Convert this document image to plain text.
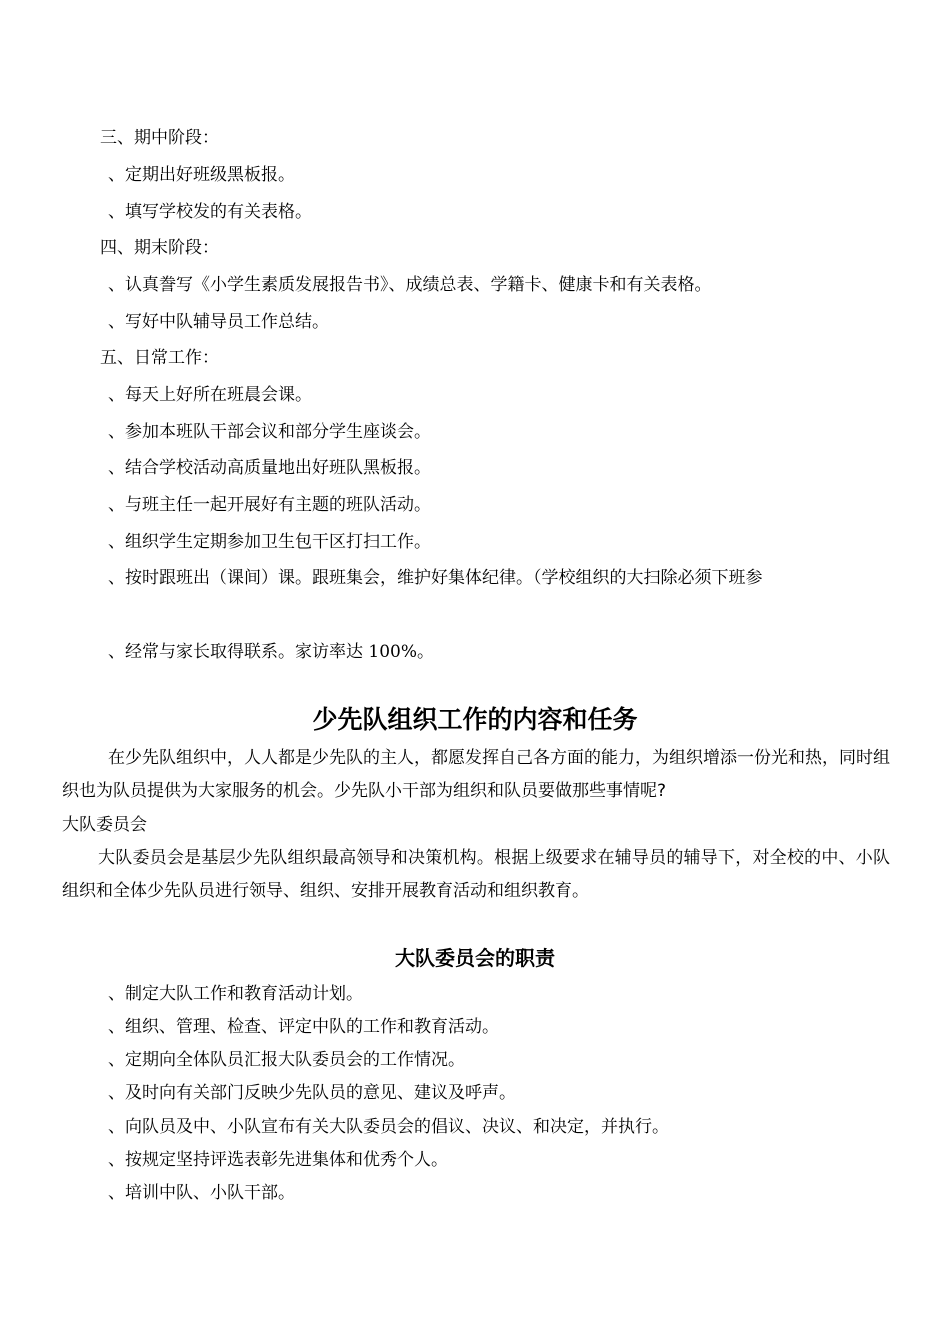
三、期中阶段：
、定期出好班级黑板报。
、填写学校发的有关表格。
四、期末阶段：
、认真誊写《小学生素质发展报告书》、成绩总表、学籍卡、健康卡和有关表格。
、写好中队辅导员工作总结。
五、日常工作：
、每天上好所在班晨会课。
、参加本班队干部会议和部分学生座谈会。
、结合学校活动高质量地出好班队黑板报。
、与班主任一起开展好有主题的班队活动。
、组织学生定期参加卫生包干区打扫工作。
、按时跟班出（课间）课。跟班集会，维护好集体纪律。（学校组织的大扫除必须下班参
、经常与家长取得联系。家访率达 100%。
少先队组织工作的内容和任务
在少先队组织中，人人都是少先队的主人，都愿发挥自己各方面的能力，为组织增添一份光和热，同时组织也为队员提供为大家服务的机会。少先队小干部为组织和队员要做那些事情呢?
大队委员会
大队委员会是基层少先队组织最高领导和决策机构。根据上级要求在辅导员的辅导下，对全校的中、小队组织和全体少先队员进行领导、组织、安排开展教育活动和组织教育。
大队委员会的职责
、制定大队工作和教育活动计划。
、组织、管理、检查、评定中队的工作和教育活动。
、定期向全体队员汇报大队委员会的工作情况。
、及时向有关部门反映少先队员的意见、建议及呼声。
、向队员及中、小队宣布有关大队委员会的倡议、决议、和决定，并执行。
、按规定坚持评选表彰先进集体和优秀个人。
、培训中队、小队干部。
